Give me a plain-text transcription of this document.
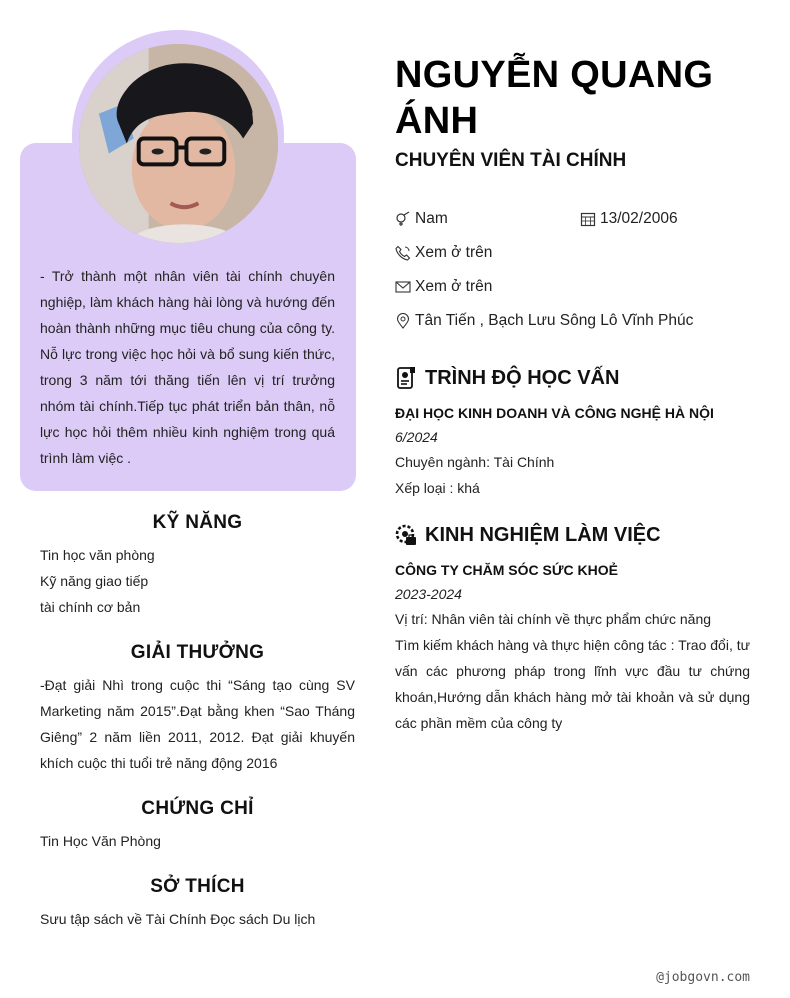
- Trở thành một nhân viên tài chính chuyên nghiệp, làm khách hàng hài lòng và hướng đến hoàn thành những mục tiêu chung của công ty. Nỗ lực trong việc học hỏi và bổ sung kiến thức, trong 3 năm tới thăng tiến lên vị trí trưởng nhóm tài chính.Tiếp tục phát triển bản thân, nỗ lực học hỏi thêm nhiều kinh nghiệm trong quá trình làm việc .

KỸ NĂNG
Tin học văn phòng
Kỹ năng giao tiếp
tài chính cơ bản
GIẢI THƯỞNG

-Đạt giải Nhì trong cuộc thi “Sáng tạo cùng SV Marketing năm 2015”.Đạt bằng khen “Sao Tháng Giêng” 2 năm liền 2011, 2012. Đạt giải khuyến khích cuộc thi tuổi trẻ năng động 2016

CHỨNG CHỈ

Tin Học Văn Phòng

SỞ THÍCH

Sưu tập sách về Tài Chính Đọc sách Du lịch

NGUYỄN QUANG ÁNH
CHUYÊN VIÊN TÀI CHÍNH
Nam	13/02/2006
Xem ở trên
Xem ở trên
Tân Tiến , Bạch Lưu Sông Lô Vĩnh Phúc
TRÌNH ĐỘ HỌC VẤN
ĐẠI HỌC KINH DOANH VÀ CÔNG NGHỆ HÀ NỘI
6/2024
Chuyên ngành: Tài Chính
Xếp loại : khá
KINH NGHIỆM LÀM VIỆC
CÔNG TY CHĂM SÓC SỨC KHOẺ
2023-2024
Vị trí: Nhân viên tài chính về thực phẩm chức năng
Tìm kiếm khách hàng và thực hiện công tác : Trao đổi, tư vấn các phương pháp trong lĩnh vực đầu tư chứng khoán,Hướng dẫn khách hàng mở tài khoản và sử dụng các phần mềm của công ty
@jobgovn.com
